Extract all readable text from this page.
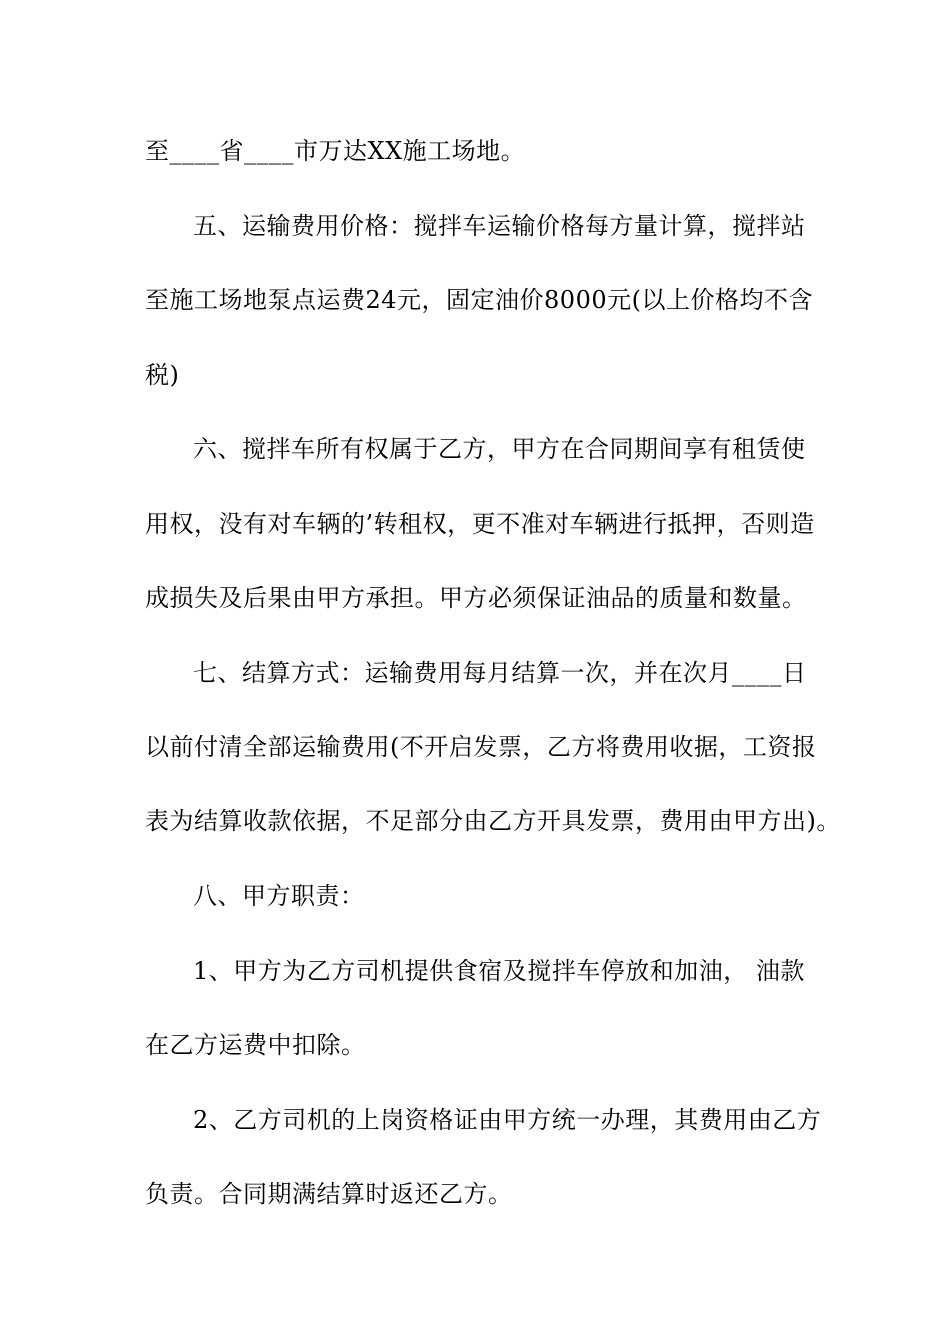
至____省____市万达XX施工场地。
五、运输费用价格：搅拌车运输价格每方量计算，搅拌站
至施工场地泵点运费24元，固定油价8000元(以上价格均不含
税)
六、搅拌车所有权属于乙方，甲方在合同期间享有租赁使
用权，没有对车辆的’转租权，更不准对车辆进行抵押，否则造
成损失及后果由甲方承担。甲方必须保证油品的质量和数量。
七、结算方式：运输费用每月结算一次，并在次月____日
以前付清全部运输费用(不开启发票，乙方将费用收据，工资报
表为结算收款依据，不足部分由乙方开具发票，费用由甲方出)。
八、甲方职责：
1、甲方为乙方司机提供食宿及搅拌车停放和加油， 油款
在乙方运费中扣除。
2、乙方司机的上岗资格证由甲方统一办理，其费用由乙方
负责。合同期满结算时返还乙方。
